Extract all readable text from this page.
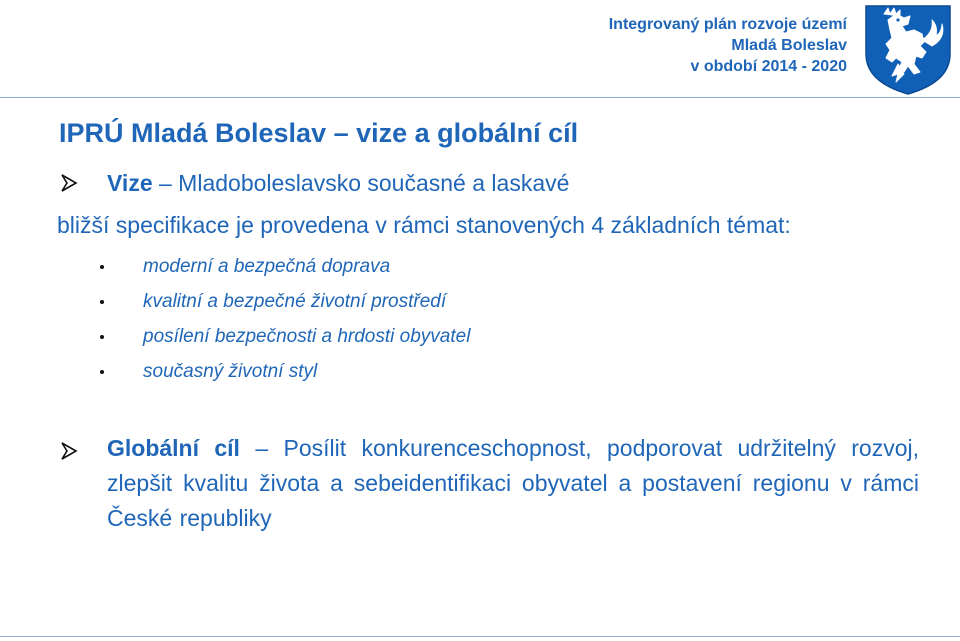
Integrovaný plán rozvoje území
Mladá Boleslav
v období 2014 - 2020
IPRÚ Mladá Boleslav – vize a globální cíl
Vize – Mladoboleslavsko současné a laskavé
bližší specifikace je provedena v rámci stanovených 4 základních témat:
moderní a bezpečná doprava
kvalitní a bezpečné životní prostředí
posílení bezpečnosti a hrdosti obyvatel
současný životní styl

Globální cíl – Posílit konkurenceschopnost, podporovat udržitelný rozvoj, zlepšit kvalitu života a sebeidentifikaci obyvatel a postavení regionu v rámci České republiky
